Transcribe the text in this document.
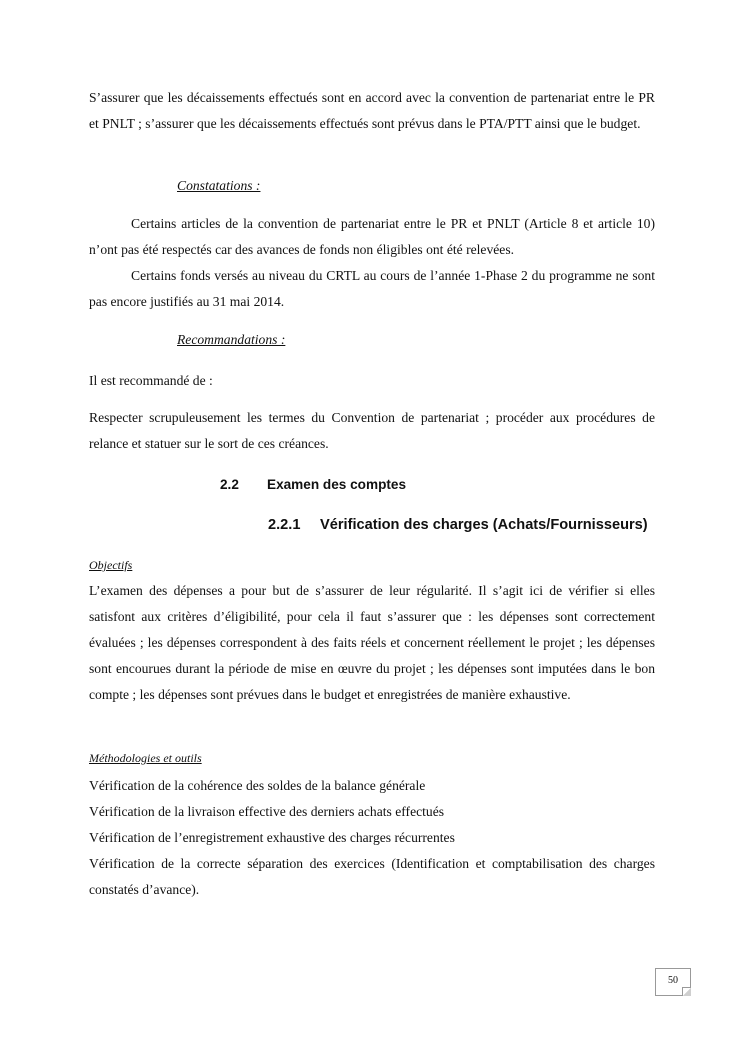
S’assurer que les décaissements effectués sont en accord avec la convention de partenariat entre le PR et PNLT ; s’assurer que les décaissements effectués sont prévus dans le PTA/PTT ainsi que le budget.

Constatations :

Certains articles de la convention de partenariat entre le PR et PNLT (Article 8 et article 10) n’ont pas été respectés car des avances de fonds non éligibles ont été relevées.

Certains fonds versés au niveau du CRTL au cours de l’année 1-Phase 2 du programme ne sont pas encore justifiés au 31 mai 2014.

Recommandations :

Il est recommandé de :

Respecter scrupuleusement les termes du Convention de partenariat ; procéder aux procédures de relance et statuer sur le sort de ces créances.

2.2 Examen des comptes

2.2.1 Vérification des charges (Achats/Fournisseurs)

Objectifs

L’examen des dépenses a pour but de s’assurer de leur régularité. Il s’agit ici de vérifier si elles satisfont aux critères d’éligibilité, pour cela il faut s’assurer que : les dépenses sont correctement évaluées ; les dépenses correspondent à des faits réels et concernent réellement le projet ; les dépenses sont encourues durant la période de mise en œuvre du projet ; les dépenses sont imputées dans le bon compte ; les dépenses sont prévues dans le budget et enregistrées de manière exhaustive.

Méthodologies et outils

Vérification de la cohérence des soldes de la balance générale

Vérification de la livraison effective des derniers achats effectués

Vérification de l’enregistrement exhaustive des charges récurrentes

Vérification de la correcte séparation des exercices (Identification et comptabilisation des charges constatés d’avance).

50
